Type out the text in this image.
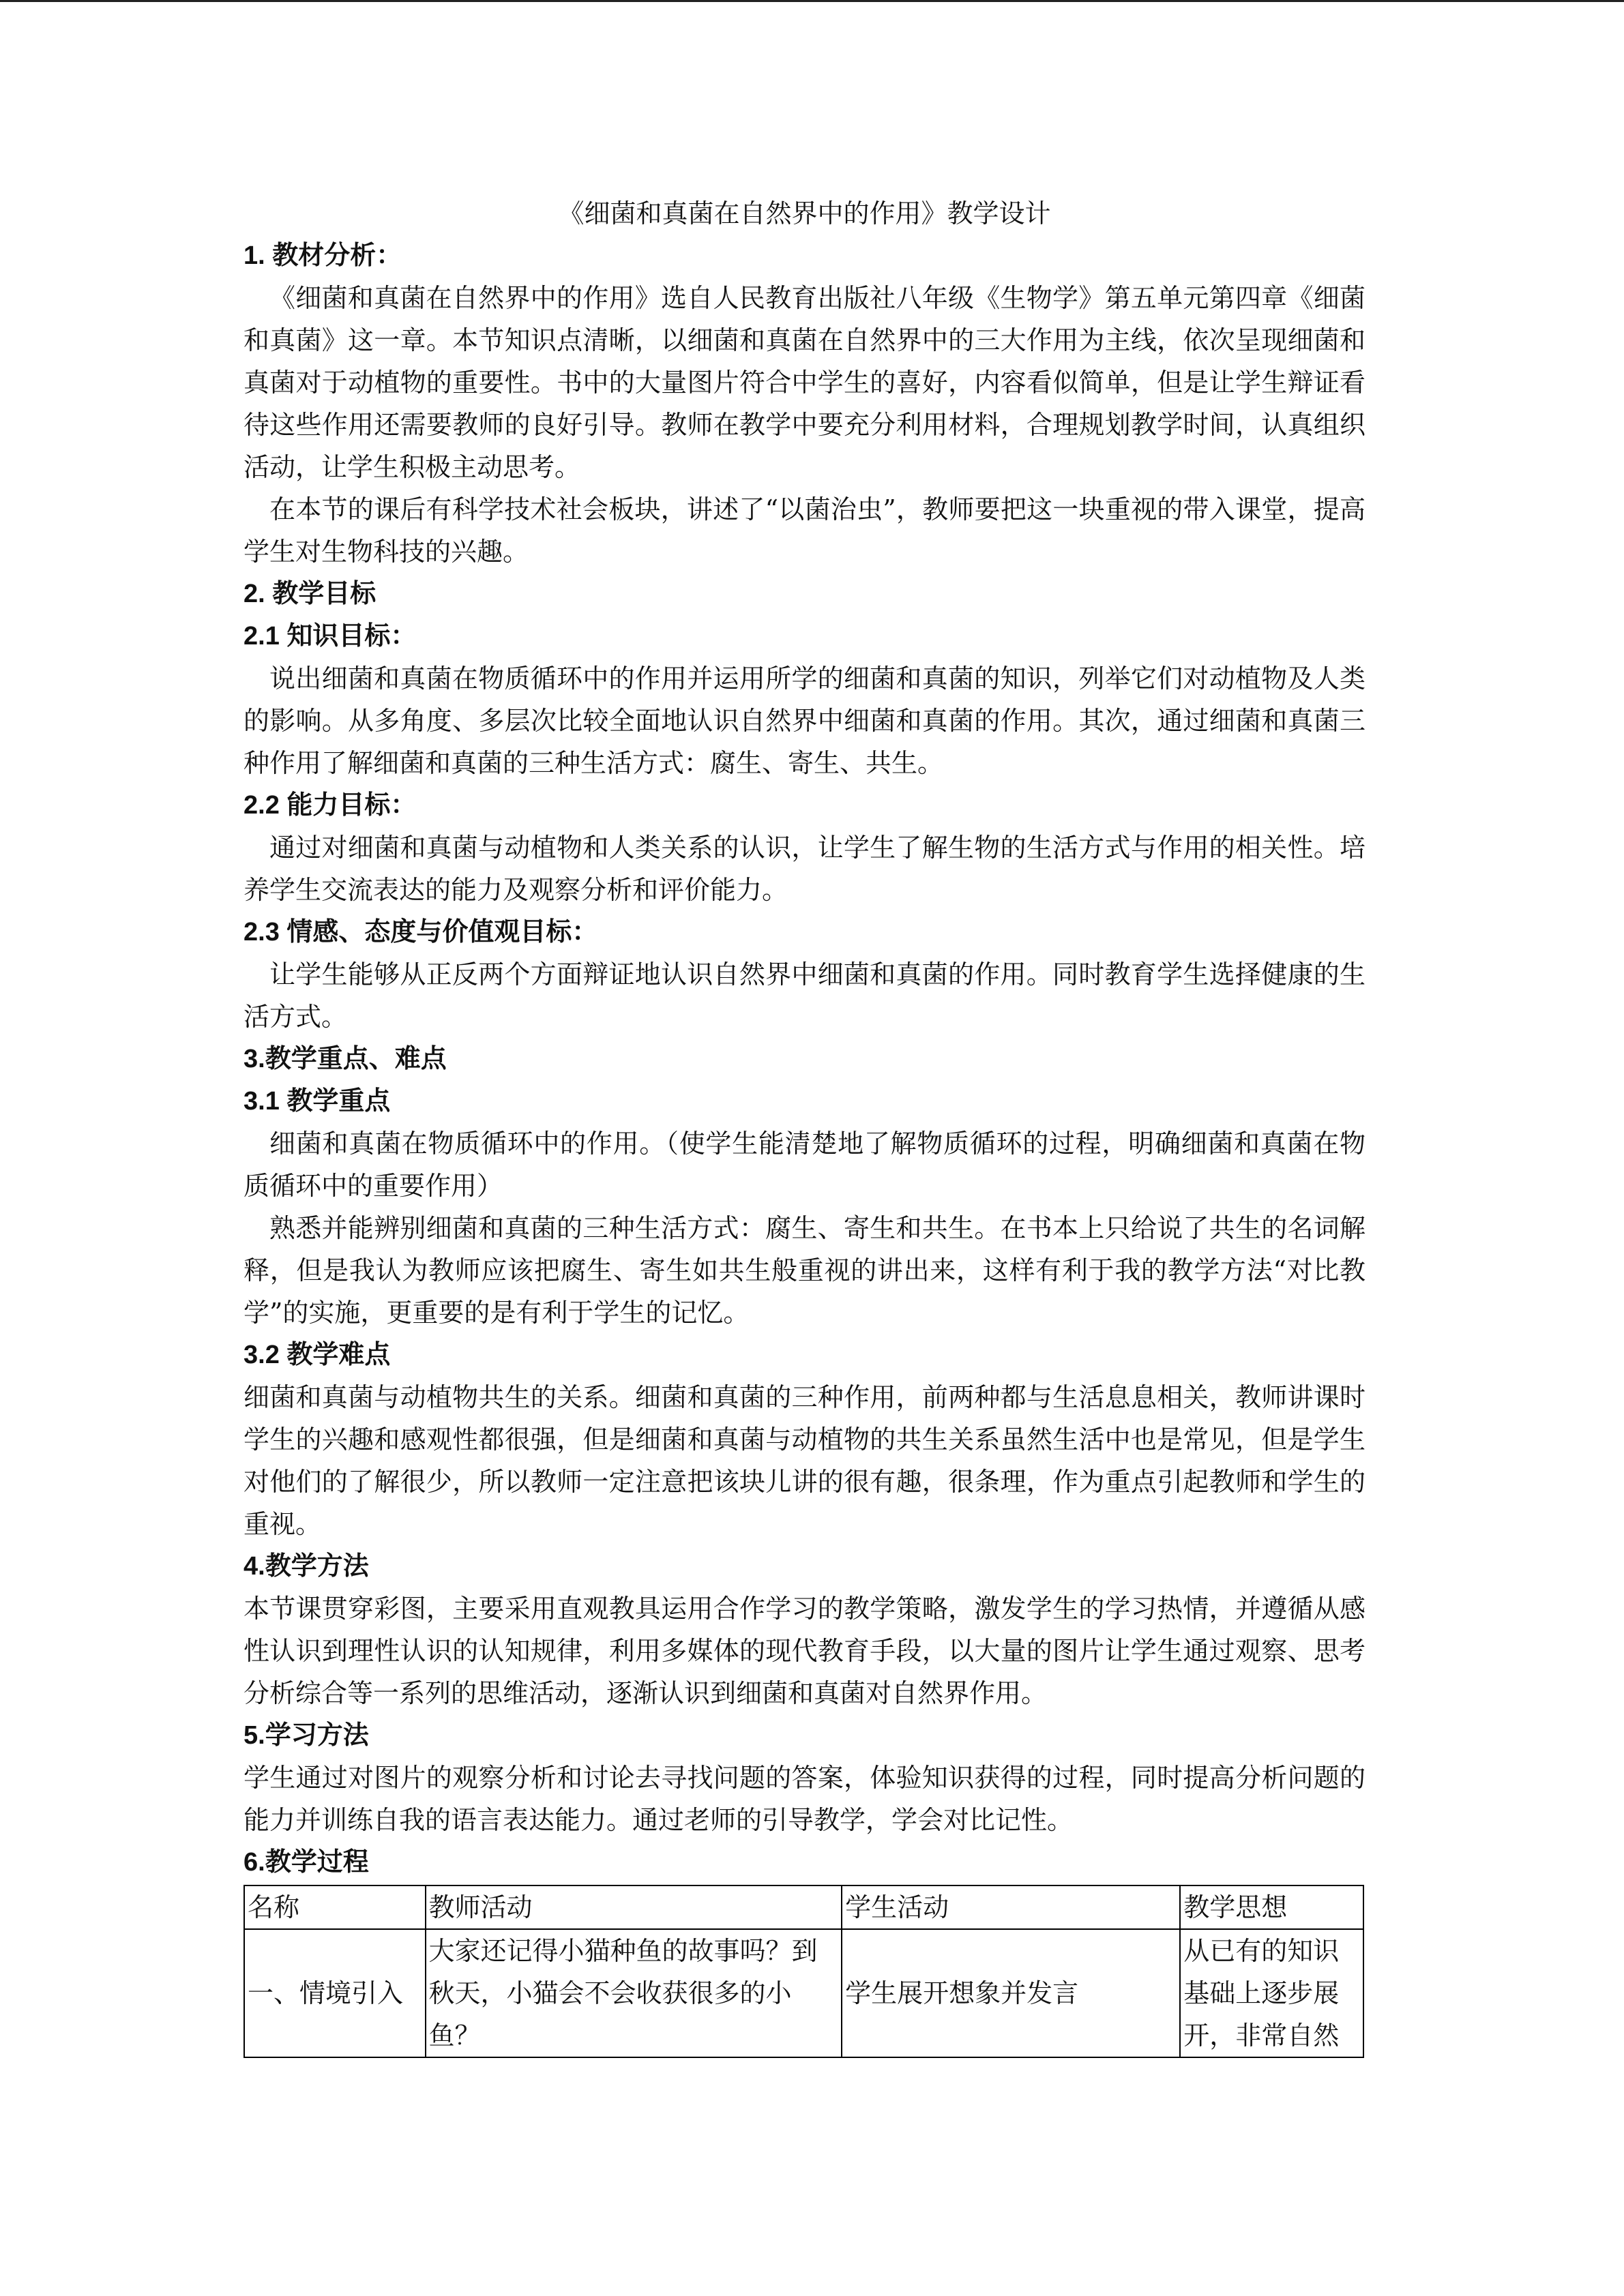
《细菌和真菌在自然界中的作用》教学设计

1. 教材分析：

《细菌和真菌在自然界中的作用》选自人民教育出版社八年级《生物学》第五单元第四章《细菌和真菌》这一章。本节知识点清晰，以细菌和真菌在自然界中的三大作用为主线，依次呈现细菌和真菌对于动植物的重要性。书中的大量图片符合中学生的喜好，内容看似简单，但是让学生辩证看待这些作用还需要教师的良好引导。教师在教学中要充分利用材料，合理规划教学时间，认真组织活动，让学生积极主动思考。

在本节的课后有科学技术社会板块，讲述了“以菌治虫”，教师要把这一块重视的带入课堂，提高学生对生物科技的兴趣。

2. 教学目标

2.1 知识目标：

说出细菌和真菌在物质循环中的作用并运用所学的细菌和真菌的知识，列举它们对动植物及人类的影响。从多角度、多层次比较全面地认识自然界中细菌和真菌的作用。其次，通过细菌和真菌三种作用了解细菌和真菌的三种生活方式：腐生、寄生、共生。

2.2 能力目标：

通过对细菌和真菌与动植物和人类关系的认识，让学生了解生物的生活方式与作用的相关性。培养学生交流表达的能力及观察分析和评价能力。

2.3 情感、态度与价值观目标：

让学生能够从正反两个方面辩证地认识自然界中细菌和真菌的作用。同时教育学生选择健康的生活方式。

3.教学重点、难点

3.1 教学重点

细菌和真菌在物质循环中的作用。（使学生能清楚地了解物质循环的过程，明确细菌和真菌在物质循环中的重要作用）

熟悉并能辨别细菌和真菌的三种生活方式：腐生、寄生和共生。在书本上只给说了共生的名词解释，但是我认为教师应该把腐生、寄生如共生般重视的讲出来，这样有利于我的教学方法“对比教学”的实施，更重要的是有利于学生的记忆。

3.2 教学难点

细菌和真菌与动植物共生的关系。细菌和真菌的三种作用，前两种都与生活息息相关，教师讲课时学生的兴趣和感观性都很强，但是细菌和真菌与动植物的共生关系虽然生活中也是常见，但是学生对他们的了解很少，所以教师一定注意把该块儿讲的很有趣，很条理，作为重点引起教师和学生的重视。

4.教学方法

本节课贯穿彩图，主要采用直观教具运用合作学习的教学策略，激发学生的学习热情，并遵循从感性认识到理性认识的认知规律，利用多媒体的现代教育手段，以大量的图片让学生通过观察、思考分析综合等一系列的思维活动，逐渐认识到细菌和真菌对自然界作用。

5.学习方法

学生通过对图片的观察分析和讨论去寻找问题的答案，体验知识获得的过程，同时提高分析问题的能力并训练自我的语言表达能力。通过老师的引导教学，学会对比记性。

6.教学过程

名称	教师活动	学生活动	教学思想
一、情境引入	大家还记得小猫种鱼的故事吗？到秋天，小猫会不会收获很多的小鱼？	学生展开想象并发言	从已有的知识基础上逐步展开，非常自然
